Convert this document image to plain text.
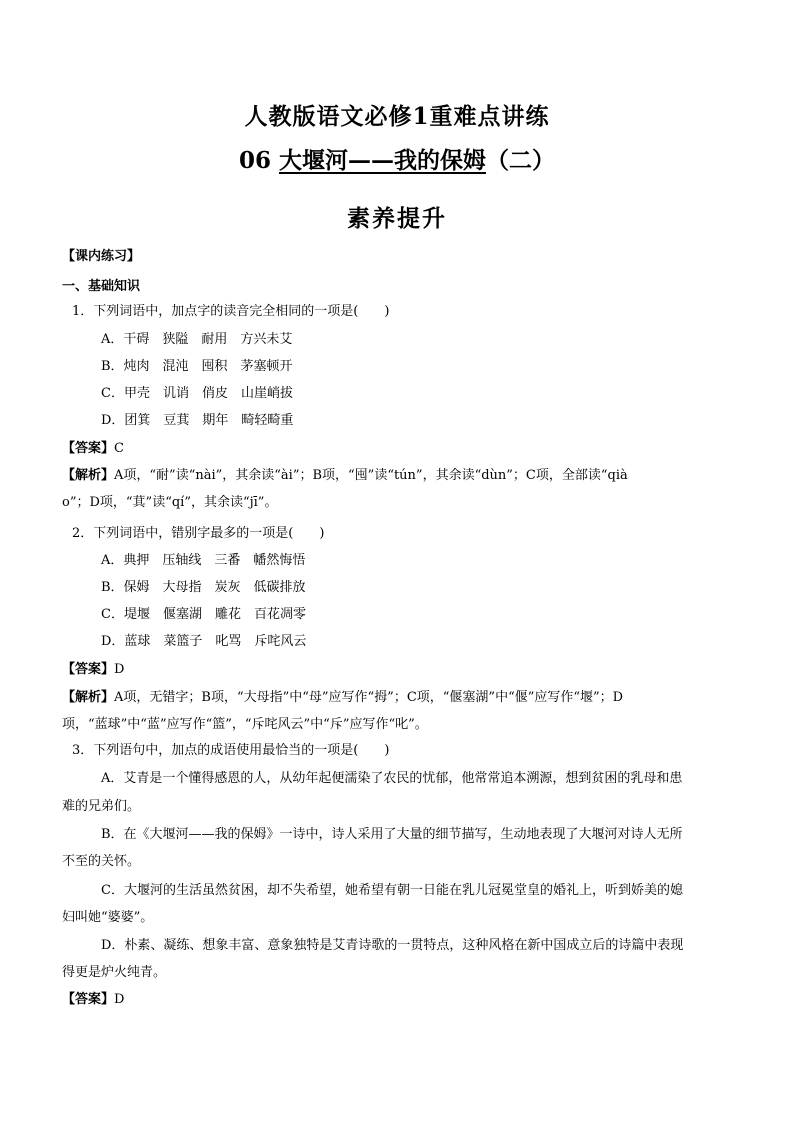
人教版语文必修1重难点讲练
06 大堰河——我的保姆（二）
素养提升
【课内练习】
一、基础知识
1．下列词语中，加点字的读音完全相同的一项是(　　)
A．干碍　狭隘　耐用　方兴未艾
B．炖肉　混沌　囤积　茅塞顿开
C．甲壳　讥诮　俏皮　山崖峭拔
D．团箕　豆萁　期年　畸轻畸重
【答案】C
【解析】A项，“耐”读“nài”，其余读“ài”；B项，“囤”读“tún”，其余读“dùn”；C项，全部读“qià
o”；D项，“萁”读“qí”，其余读“jī”。
2．下列词语中，错别字最多的一项是(　　)
A．典押　压轴线　三番　幡然悔悟
B．保姆　大母指　炭灰　低碳排放
C．堤堰　偃塞湖　雕花　百花凋零
D．蓝球　菜篮子　叱骂　斥咤风云
【答案】D
【解析】A项，无错字；B项，“大母指”中“母”应写作“拇”；C项，“偃塞湖”中“偃”应写作“堰”；D
项，“蓝球”中“蓝”应写作“篮”，“斥咤风云”中“斥”应写作“叱”。
3．下列语句中，加点的成语使用最恰当的一项是(　　)
A．艾青是一个懂得感恩的人，从幼年起便濡染了农民的忧郁，他常常追本溯源，想到贫困的乳母和患
难的兄弟们。
B．在《大堰河——我的保姆》一诗中，诗人采用了大量的细节描写，生动地表现了大堰河对诗人无所
不至的关怀。
C．大堰河的生活虽然贫困，却不失希望，她希望有朝一日能在乳儿冠冕堂皇的婚礼上，听到娇美的媳
妇叫她“婆婆”。
D．朴素、凝练、想象丰富、意象独特是艾青诗歌的一贯特点，这种风格在新中国成立后的诗篇中表现
得更是炉火纯青。
【答案】D
